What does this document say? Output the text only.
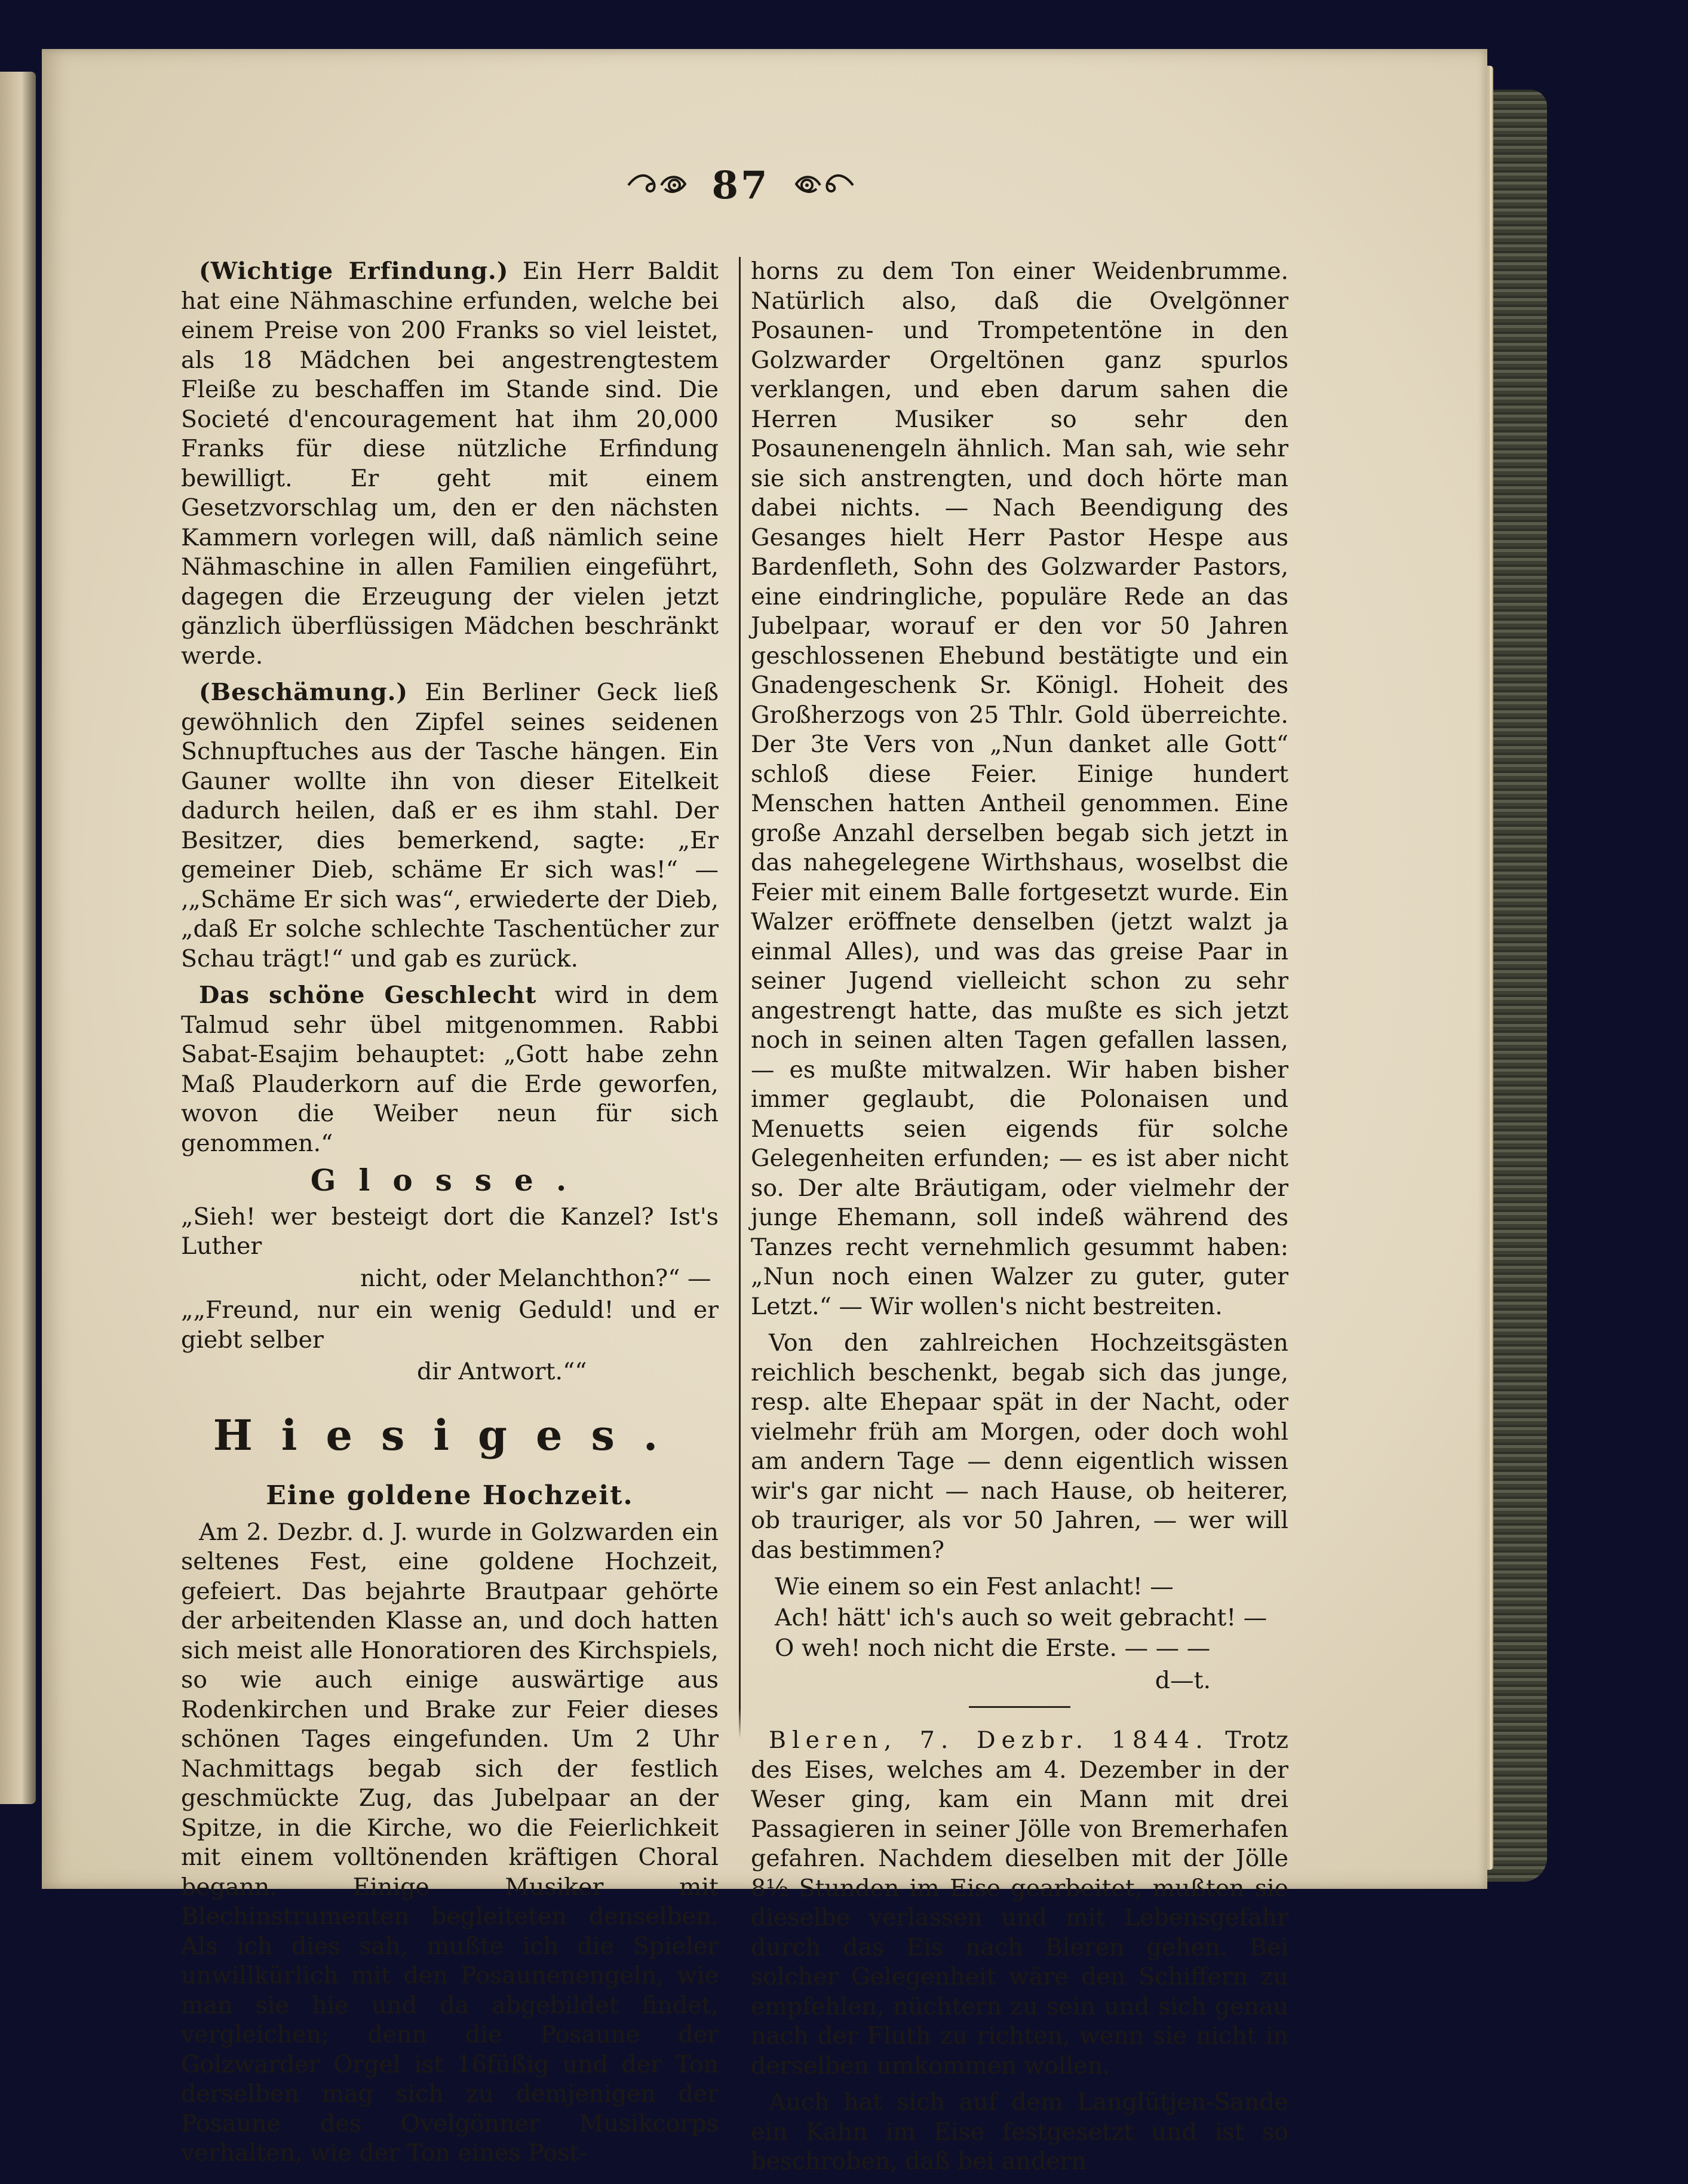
87

(Wichtige Erfindung.) Ein Herr Baldit hat eine Nähmaschine erfunden, welche bei einem Preise von 200 Franks so viel leistet, als 18 Mädchen bei angestrengtestem Fleiße zu beschaffen im Stande sind. Die Societé d'encouragement hat ihm 20,000 Franks für diese nützliche Erfindung bewilligt. Er geht mit einem Gesetzvorschlag um, den er den nächsten Kammern vorlegen will, daß nämlich seine Nähmaschine in allen Familien eingeführt, dagegen die Erzeugung der vielen jetzt gänzlich überflüssigen Mädchen beschränkt werde.

(Beschämung.) Ein Berliner Geck ließ gewöhnlich den Zipfel seines seidenen Schnupftuches aus der Tasche hängen. Ein Gauner wollte ihn von dieser Eitelkeit dadurch heilen, daß er es ihm stahl. Der Besitzer, dies bemerkend, sagte: „Er gemeiner Dieb, schäme Er sich was!“ — ‚„Schäme Er sich was“, erwiederte der Dieb, „daß Er solche schlechte Taschentücher zur Schau trägt!“ und gab es zurück.

Das schöne Geschlecht wird in dem Talmud sehr übel mitgenommen. Rabbi Sabat-Esajim behauptet: „Gott habe zehn Maß Plauderkorn auf die Erde geworfen, wovon die Weiber neun für sich genommen.“

Glosse.
„Sieh! wer besteigt dort die Kanzel? Ist's Luther
nicht, oder Melanchthon?“ —
„„Freund, nur ein wenig Geduld! und er giebt selber
dir Antwort.““
Hiesiges.
Eine goldene Hochzeit.

Am 2. Dezbr. d. J. wurde in Golzwarden ein seltenes Fest, eine goldene Hochzeit, gefeiert. Das bejahrte Brautpaar gehörte der arbeitenden Klasse an, und doch hatten sich meist alle Honoratioren des Kirchspiels, so wie auch einige auswärtige aus Rodenkirchen und Brake zur Feier dieses schönen Tages eingefunden. Um 2 Uhr Nachmittags begab sich der festlich geschmückte Zug, das Jubelpaar an der Spitze, in die Kirche, wo die Feierlichkeit mit einem volltönenden kräftigen Choral begann. Einige Musiker mit Blechinstrumenten begleiteten denselben. Als ich dies sah, mußte ich die Spieler unwillkürlich mit den Posaunenengeln, wie man sie hie und da abgebildet findet, vergleichen; denn die Posaune der Golzwarder Orgel ist 16füßig und der Ton derselben mag sich zu demjenigen der Posaune des Ovelgönner Musikcorps verhalten, wie der Ton eines Post-

horns zu dem Ton einer Weidenbrumme. Natürlich also, daß die Ovelgönner Posaunen- und Trompetentöne in den Golzwarder Orgeltönen ganz spurlos verklangen, und eben darum sahen die Herren Musiker so sehr den Posaunenengeln ähnlich. Man sah, wie sehr sie sich anstrengten, und doch hörte man dabei nichts. — Nach Beendigung des Gesanges hielt Herr Pastor Hespe aus Bardenfleth, Sohn des Golzwarder Pastors, eine eindringliche, populäre Rede an das Jubelpaar, worauf er den vor 50 Jahren geschlossenen Ehebund bestätigte und ein Gnadengeschenk Sr. Königl. Hoheit des Großherzogs von 25 Thlr. Gold überreichte. Der 3te Vers von „Nun danket alle Gott“ schloß diese Feier. Einige hundert Menschen hatten Antheil genommen. Eine große Anzahl derselben begab sich jetzt in das nahegelegene Wirthshaus, woselbst die Feier mit einem Balle fortgesetzt wurde. Ein Walzer eröffnete denselben (jetzt walzt ja einmal Alles), und was das greise Paar in seiner Jugend vielleicht schon zu sehr angestrengt hatte, das mußte es sich jetzt noch in seinen alten Tagen gefallen lassen, — es mußte mitwalzen. Wir haben bisher immer geglaubt, die Polonaisen und Menuetts seien eigends für solche Gelegenheiten erfunden; — es ist aber nicht so. Der alte Bräutigam, oder vielmehr der junge Ehemann, soll indeß während des Tanzes recht vernehmlich gesummt haben: „Nun noch einen Walzer zu guter, guter Letzt.“ — Wir wollen's nicht bestreiten.

Von den zahlreichen Hochzeitsgästen reichlich beschenkt, begab sich das junge, resp. alte Ehepaar spät in der Nacht, oder vielmehr früh am Morgen, oder doch wohl am andern Tage — denn eigentlich wissen wir's gar nicht — nach Hause, ob heiterer, ob trauriger, als vor 50 Jahren, — wer will das bestimmen?

Wie einem so ein Fest anlacht! —
Ach! hätt' ich's auch so weit gebracht! —
O weh! noch nicht die Erste. — — —
d—t.

Bleren, 7. Dezbr. 1844. Trotz des Eises, welches am 4. Dezember in der Weser ging, kam ein Mann mit drei Passagieren in seiner Jölle von Bremerhafen gefahren. Nachdem dieselben mit der Jölle 8½ Stunden im Eise gearbeitet, mußten sie dieselbe verlassen und mit Lebensgefahr durch das Eis nach Bleren gehen. Bei solcher Gelegenheit wäre den Schiffern zu empfehlen, nüchtern zu sein und sich genau nach der Fluth zu richten, wenn sie nicht in derselben umkommen wollen.

Auch hat sich auf dem Langlütjen-Sande ein Kahn im Eise festgesetzt und ist so beschroben, daß bei andern
